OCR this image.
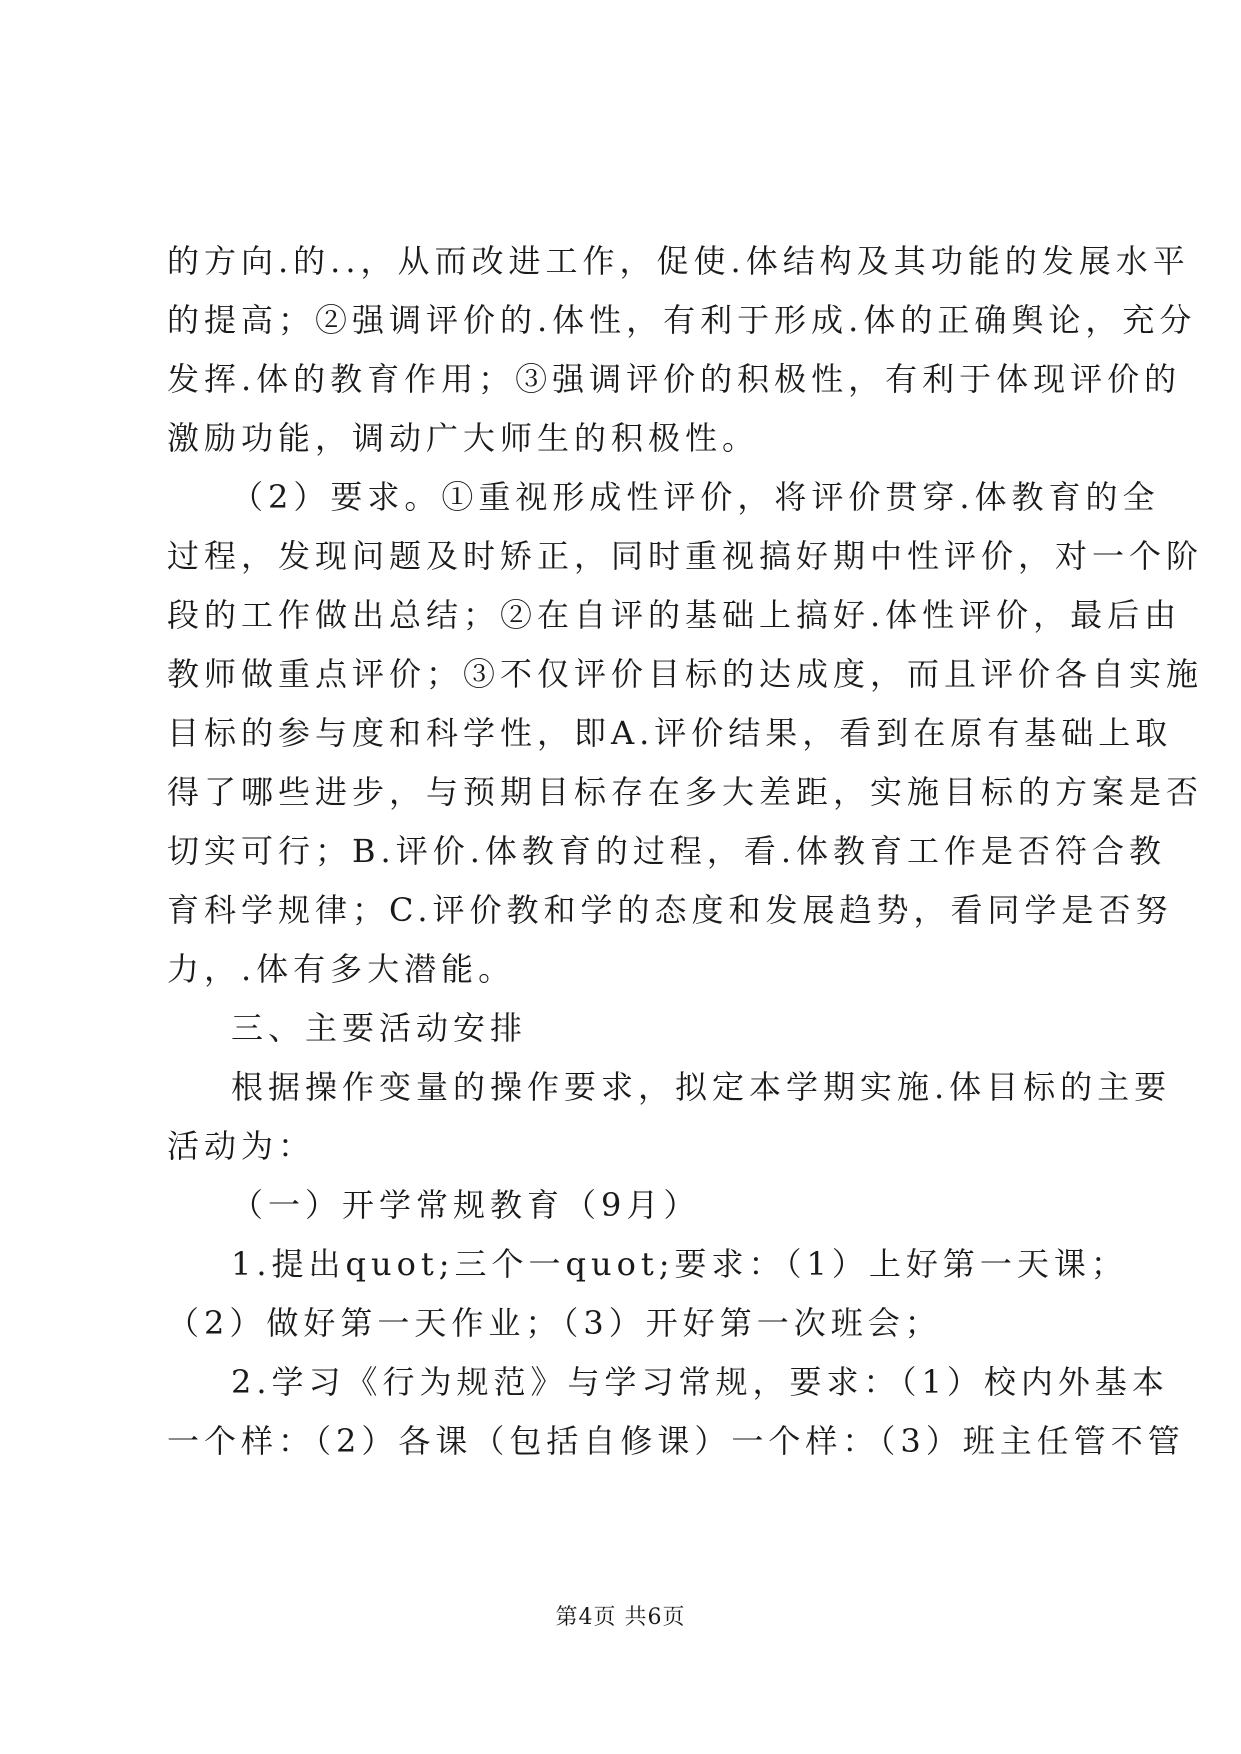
的方向.的..，从而改进工作，促使.体结构及其功能的发展水平
的提高；②强调评价的.体性，有利于形成.体的正确舆论，充分
发挥.体的教育作用；③强调评价的积极性，有利于体现评价的
激励功能，调动广大师生的积极性。
（2）要求。①重视形成性评价，将评价贯穿.体教育的全
过程，发现问题及时矫正，同时重视搞好期中性评价，对一个阶
段的工作做出总结；②在自评的基础上搞好.体性评价，最后由
教师做重点评价；③不仅评价目标的达成度，而且评价各自实施
目标的参与度和科学性，即A.评价结果，看到在原有基础上取
得了哪些进步，与预期目标存在多大差距，实施目标的方案是否
切实可行；B.评价.体教育的过程，看.体教育工作是否符合教
育科学规律；C.评价教和学的态度和发展趋势，看同学是否努
力，.体有多大潜能。
三、主要活动安排
根据操作变量的操作要求，拟定本学期实施.体目标的主要
活动为：
（一）开学常规教育（9月）
1.提出quot;三个一quot;要求：（1）上好第一天课；
（2）做好第一天作业；（3）开好第一次班会；
2.学习《行为规范》与学习常规，要求：（1）校内外基本
一个样：（2）各课（包括自修课）一个样：（3）班主任管不管
第4页 共6页
